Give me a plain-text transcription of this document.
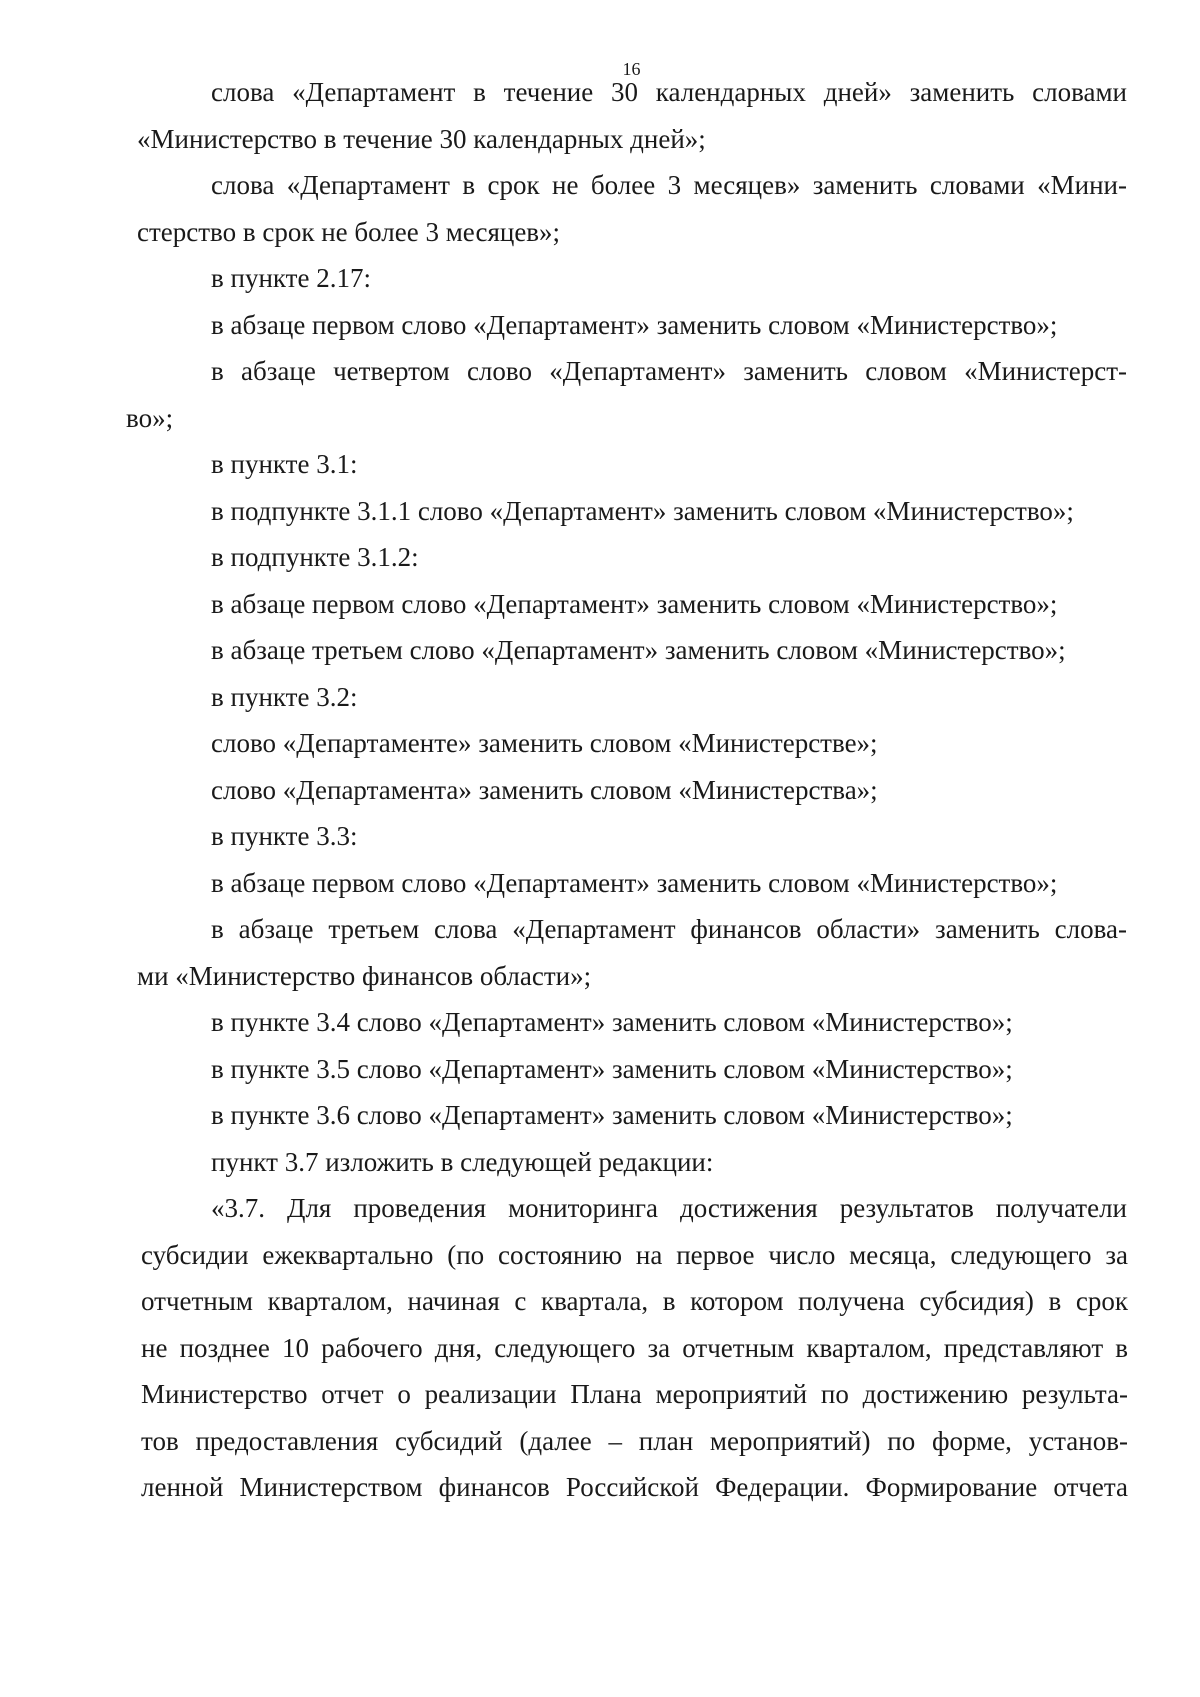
16
слова «Департамент в течение 30 календарных дней» заменить словами
«Министерство в течение 30 календарных дней»;
слова «Департамент в срок не более 3 месяцев» заменить словами «Мини-
стерство в срок не более 3 месяцев»;
в пункте 2.17:
в абзаце первом слово «Департамент» заменить словом «Министерство»;
в абзаце четвертом слово «Департамент» заменить словом «Министерст-
во»;
в пункте 3.1:
в подпункте 3.1.1 слово «Департамент» заменить словом «Министерство»;
в подпункте 3.1.2:
в абзаце первом слово «Департамент» заменить словом «Министерство»;
в абзаце третьем слово «Департамент» заменить словом «Министерство»;
в пункте 3.2:
слово «Департаменте» заменить словом «Министерстве»;
слово «Департамента» заменить словом «Министерства»;
в пункте 3.3:
в абзаце первом слово «Департамент» заменить словом «Министерство»;
в абзаце третьем слова «Департамент финансов области» заменить слова-
ми «Министерство финансов области»;
в пункте 3.4 слово «Департамент» заменить словом «Министерство»;
в пункте 3.5 слово «Департамент» заменить словом «Министерство»;
в пункте 3.6 слово «Департамент» заменить словом «Министерство»;
пункт 3.7 изложить в следующей редакции:
«3.7. Для проведения мониторинга достижения результатов получатели
субсидии ежеквартально (по состоянию на первое число месяца, следующего за
отчетным кварталом, начиная с квартала, в котором получена субсидия) в срок
не позднее 10 рабочего дня, следующего за отчетным кварталом, представляют в
Министерство отчет о реализации Плана мероприятий по достижению результа-
тов предоставления субсидий (далее – план мероприятий) по форме, установ-
ленной Министерством финансов Российской Федерации. Формирование отчета
